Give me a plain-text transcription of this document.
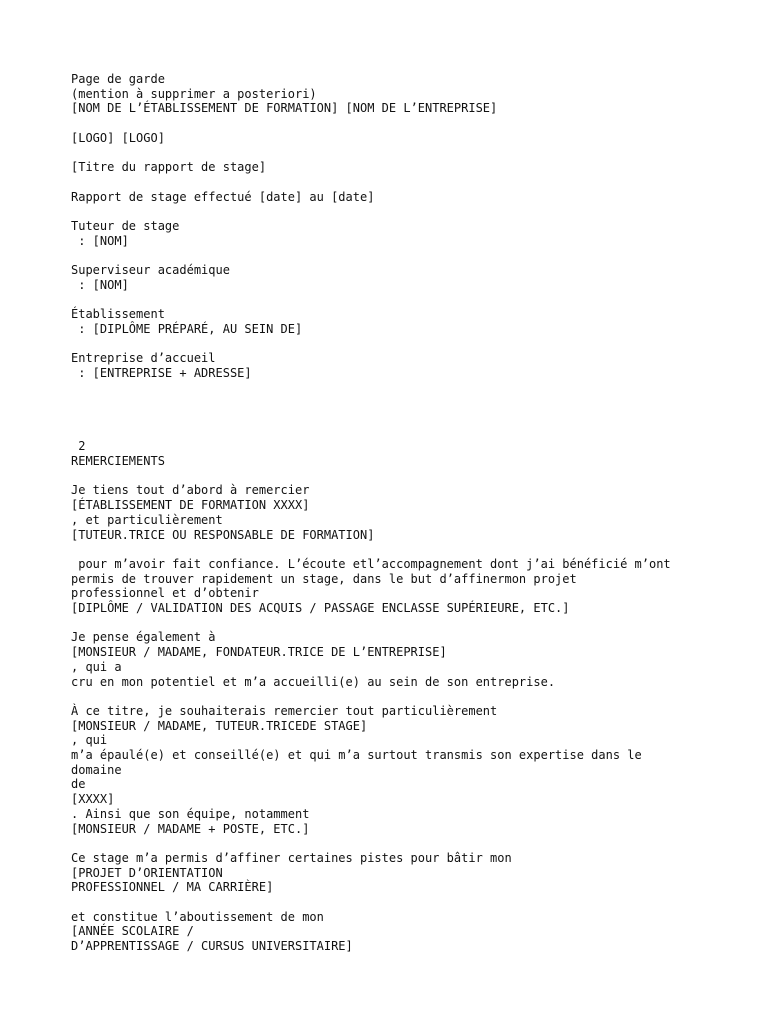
Page de garde
(mention à supprimer a posteriori)
[NOM DE L’ÉTABLISSEMENT DE FORMATION] [NOM DE L’ENTREPRISE]
[LOGO] [LOGO]
[Titre du rapport de stage]
Rapport de stage effectué [date] au [date]
Tuteur de stage
: [NOM]
Superviseur académique
: [NOM]
Établissement
: [DIPLÔME PRÉPARÉ, AU SEIN DE]
Entreprise d’accueil
: [ENTREPRISE + ADRESSE]
2
REMERCIEMENTS
Je tiens tout d’abord à remercier
[ÉTABLISSEMENT DE FORMATION XXXX]
, et particulièrement
[TUTEUR.TRICE OU RESPONSABLE DE FORMATION]
pour m’avoir fait confiance. L’écoute etl’accompagnement dont j’ai bénéficié m’ont
permis de trouver rapidement un stage, dans le but d’affinermon projet
professionnel et d’obtenir
[DIPLÔME / VALIDATION DES ACQUIS / PASSAGE ENCLASSE SUPÉRIEURE, ETC.]
Je pense également à
[MONSIEUR / MADAME, FONDATEUR.TRICE DE L’ENTREPRISE]
, qui a
cru en mon potentiel et m’a accueilli(e) au sein de son entreprise.
À ce titre, je souhaiterais remercier tout particulièrement
[MONSIEUR / MADAME, TUTEUR.TRICEDE STAGE]
, qui
m’a épaulé(e) et conseillé(e) et qui m’a surtout transmis son expertise dans le
domaine
de
[XXXX]
. Ainsi que son équipe, notamment
[MONSIEUR / MADAME + POSTE, ETC.]
Ce stage m’a permis d’affiner certaines pistes pour bâtir mon
[PROJET D’ORIENTATION
PROFESSIONNEL / MA CARRIÈRE]
et constitue l’aboutissement de mon
[ANNÉE SCOLAIRE /
D’APPRENTISSAGE / CURSUS UNIVERSITAIRE]
